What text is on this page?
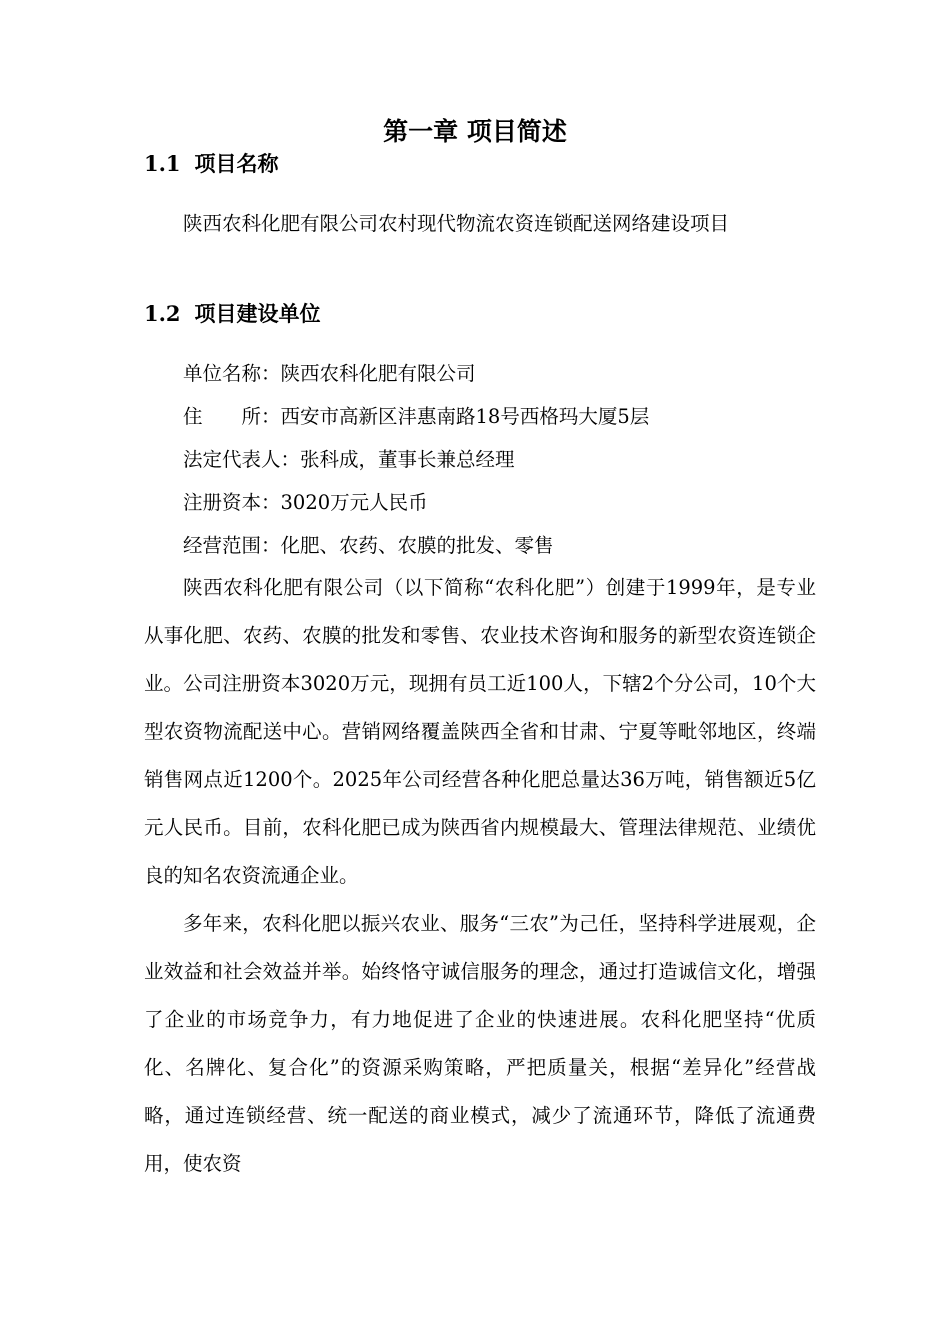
第一章 项目简述
1.1 项目名称

陕西农科化肥有限公司农村现代物流农资连锁配送网络建设项目

1.2 项目建设单位

单位名称：陕西农科化肥有限公司

住　　所：西安市高新区沣惠南路18号西格玛大厦5层

法定代表人：张科成，董事长兼总经理

注册资本：3020万元人民币

经营范围：化肥、农药、农膜的批发、零售

陕西农科化肥有限公司（以下简称“农科化肥”）创建于1999年，是专业从事化肥、农药、农膜的批发和零售、农业技术咨询和服务的新型农资连锁企业。公司注册资本3020万元，现拥有员工近100人，下辖2个分公司，10个大型农资物流配送中心。营销网络覆盖陕西全省和甘肃、宁夏等毗邻地区，终端销售网点近1200个。2025年公司经营各种化肥总量达36万吨，销售额近5亿元人民币。目前，农科化肥已成为陕西省内规模最大、管理法律规范、业绩优良的知名农资流通企业。

多年来，农科化肥以振兴农业、服务“三农”为己任，坚持科学进展观，企业效益和社会效益并举。始终恪守诚信服务的理念，通过打造诚信文化，增强了企业的市场竞争力，有力地促进了企业的快速进展。农科化肥坚持“优质化、名牌化、复合化”的资源采购策略，严把质量关，根据“差异化”经营战略，通过连锁经营、统一配送的商业模式，减少了流通环节，降低了流通费用，使农资
